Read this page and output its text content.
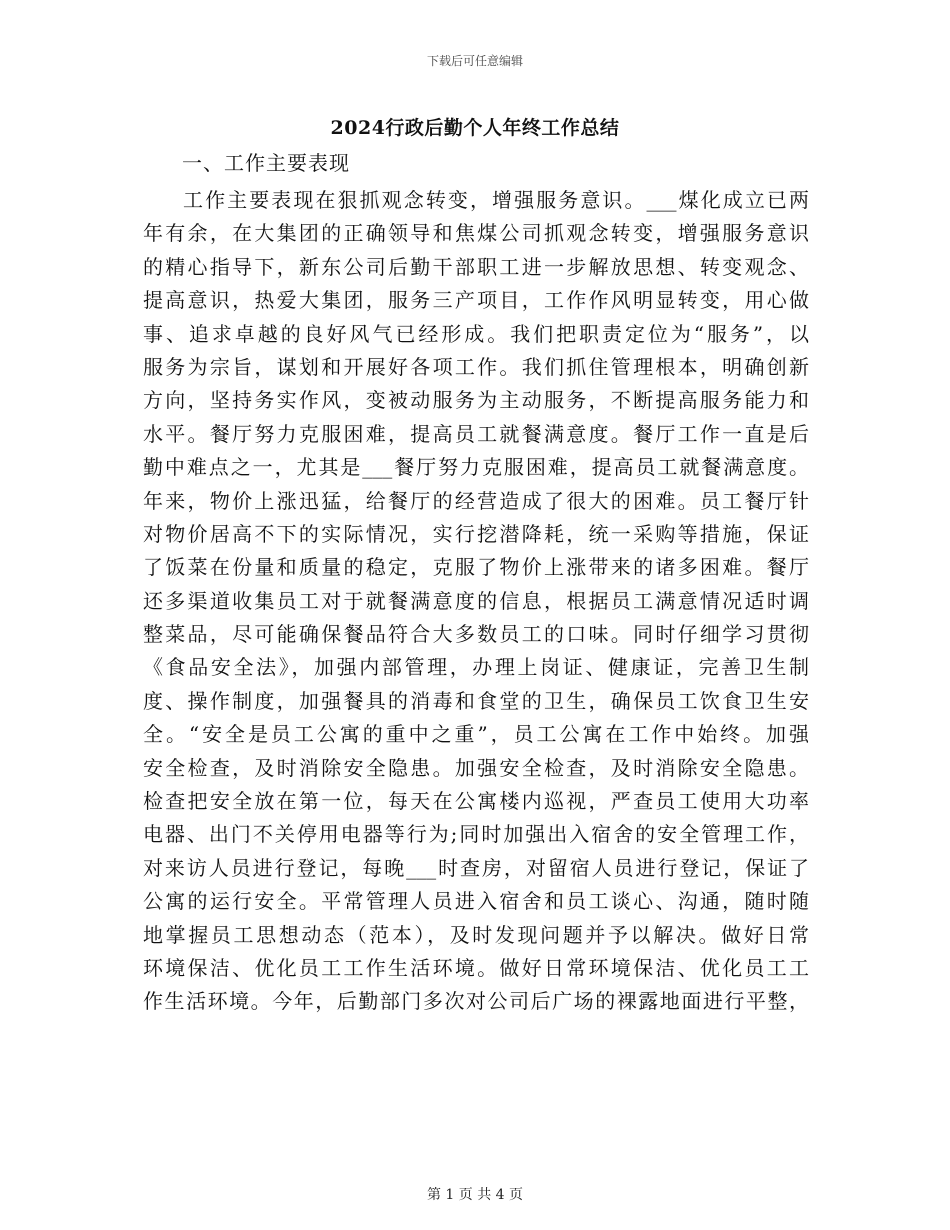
下载后可任意编辑
2024行政后勤个人年终工作总结
一、工作主要表现
工作主要表现在狠抓观念转变，增强服务意识。___煤化成立已两
年有余，在大集团的正确领导和焦煤公司抓观念转变，增强服务意识
的精心指导下，新东公司后勤干部职工进一步解放思想、转变观念、
提高意识，热爱大集团，服务三产项目，工作作风明显转变，用心做
事、追求卓越的良好风气已经形成。我们把职责定位为“服务”，以
服务为宗旨，谋划和开展好各项工作。我们抓住管理根本，明确创新
方向，坚持务实作风，变被动服务为主动服务，不断提高服务能力和
水平。餐厅努力克服困难，提高员工就餐满意度。餐厅工作一直是后
勤中难点之一，尤其是___餐厅努力克服困难，提高员工就餐满意度。
年来，物价上涨迅猛，给餐厅的经营造成了很大的困难。员工餐厅针
对物价居高不下的实际情况，实行挖潜降耗，统一采购等措施，保证
了饭菜在份量和质量的稳定，克服了物价上涨带来的诸多困难。餐厅
还多渠道收集员工对于就餐满意度的信息，根据员工满意情况适时调
整菜品，尽可能确保餐品符合大多数员工的口味。同时仔细学习贯彻
《食品安全法》，加强内部管理，办理上岗证、健康证，完善卫生制
度、操作制度，加强餐具的消毒和食堂的卫生，确保员工饮食卫生安
全。“安全是员工公寓的重中之重”，员工公寓在工作中始终。加强
安全检查，及时消除安全隐患。加强安全检查，及时消除安全隐患。
检查把安全放在第一位，每天在公寓楼内巡视，严查员工使用大功率
电器、出门不关停用电器等行为;同时加强出入宿舍的安全管理工作，
对来访人员进行登记，每晚___时查房，对留宿人员进行登记，保证了
公寓的运行安全。平常管理人员进入宿舍和员工谈心、沟通，随时随
地掌握员工思想动态（范本），及时发现问题并予以解决。做好日常
环境保洁、优化员工工作生活环境。做好日常环境保洁、优化员工工
作生活环境。今年，后勤部门多次对公司后广场的裸露地面进行平整，
第 1 页 共 4 页
